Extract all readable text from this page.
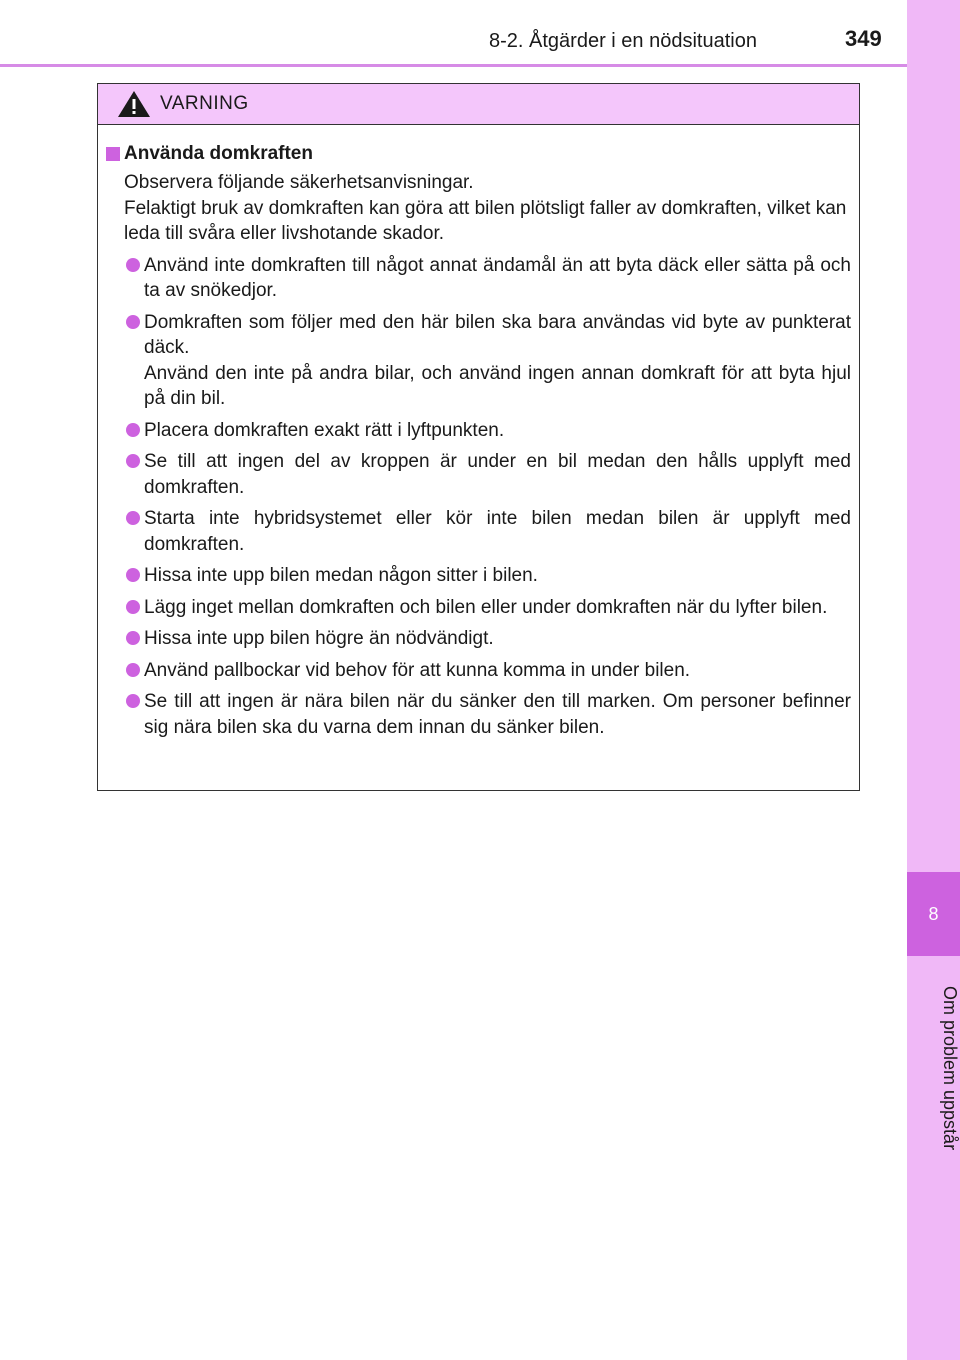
8-2. Åtgärder i en nödsituation	349
8
Om problem uppstår
VARNING
Använda domkraften
Observera följande säkerhetsanvisningar.
Felaktigt bruk av domkraften kan göra att bilen plötsligt faller av domkraften, vilket kan leda till svåra eller livshotande skador.
Använd inte domkraften till något annat ändamål än att byta däck eller sätta på och ta av snökedjor.
Domkraften som följer med den här bilen ska bara användas vid byte av punkterat däck.
Använd den inte på andra bilar, och använd ingen annan domkraft för att byta hjul på din bil.
Placera domkraften exakt rätt i lyftpunkten.
Se till att ingen del av kroppen är under en bil medan den hålls upplyft med domkraften.
Starta inte hybridsystemet eller kör inte bilen medan bilen är upplyft med domkraften.
Hissa inte upp bilen medan någon sitter i bilen.
Lägg inget mellan domkraften och bilen eller under domkraften när du lyfter bilen.
Hissa inte upp bilen högre än nödvändigt.
Använd pallbockar vid behov för att kunna komma in under bilen.
Se till att ingen är nära bilen när du sänker den till marken. Om personer befinner sig nära bilen ska du varna dem innan du sänker bilen.
